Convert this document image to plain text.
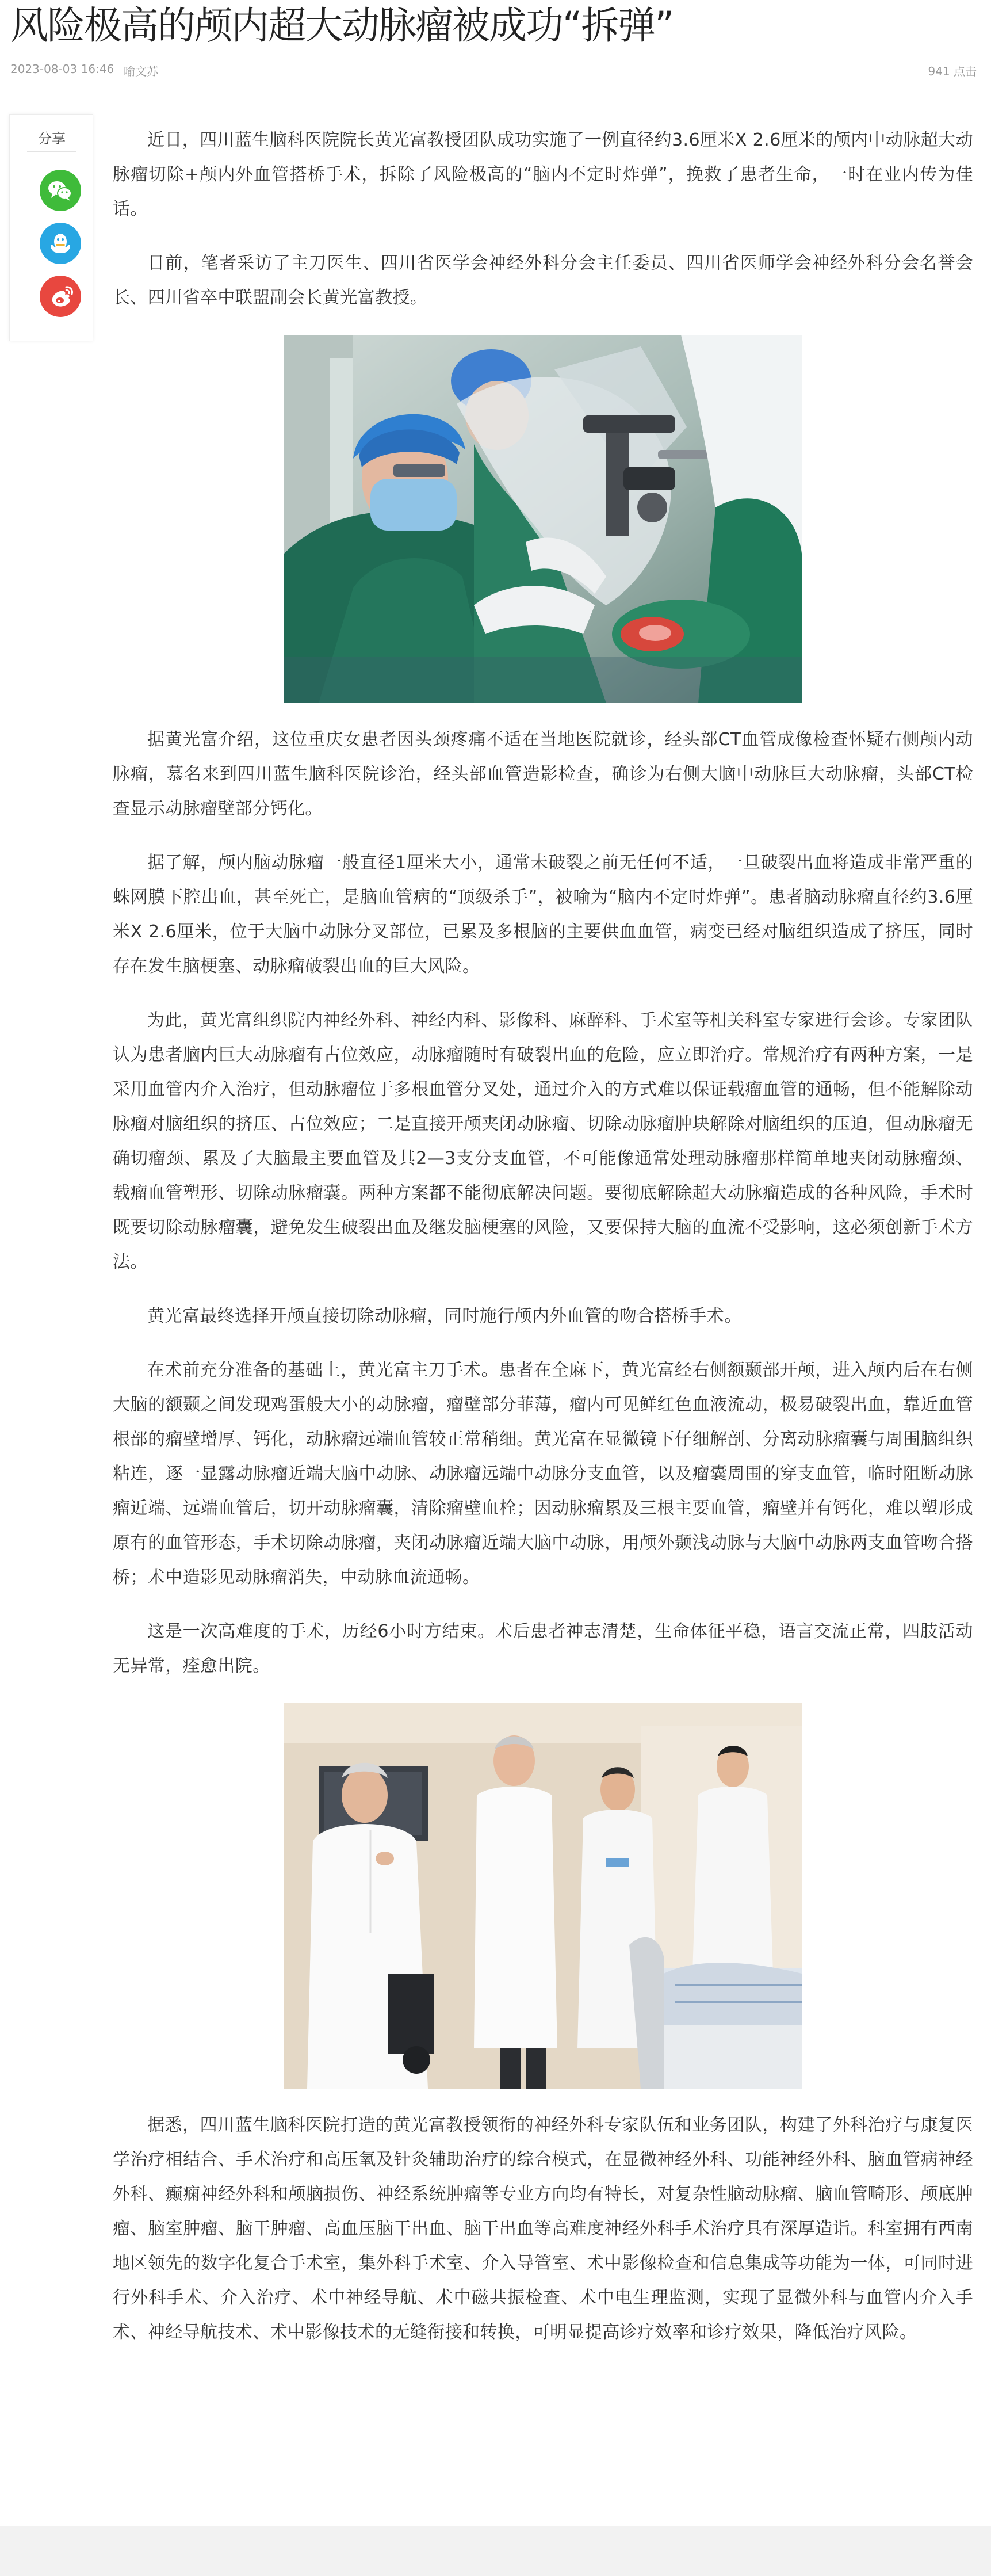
风险极高的颅内超大动脉瘤被成功“拆弹”
2023-08-03 16:46 喻文苏	941 点击
分享	近日，四川蓝生脑科医院院长黄光富教授团队成功实施了一例直径约3.6厘米X 2.6厘米的颅内中动脉超大动脉瘤切除+颅内外血管搭桥手术，拆除了风险极高的“脑内不定时炸弹”，挽救了患者生命，一时在业内传为佳话。

日前，笔者采访了主刀医生、四川省医学会神经外科分会主任委员、四川省医师学会神经外科分会名誉会长、四川省卒中联盟副会长黄光富教授。

据黄光富介绍，这位重庆女患者因头颈疼痛不适在当地医院就诊，经头部CT血管成像检查怀疑右侧颅内动脉瘤，慕名来到四川蓝生脑科医院诊治，经头部血管造影检查，确诊为右侧大脑中动脉巨大动脉瘤，头部CT检查显示动脉瘤壁部分钙化。

据了解，颅内脑动脉瘤一般直径1厘米大小，通常未破裂之前无任何不适，一旦破裂出血将造成非常严重的蛛网膜下腔出血，甚至死亡，是脑血管病的“顶级杀手”，被喻为“脑内不定时炸弹”。患者脑动脉瘤直径约3.6厘米X 2.6厘米，位于大脑中动脉分叉部位，已累及多根脑的主要供血血管，病变已经对脑组织造成了挤压，同时存在发生脑梗塞、动脉瘤破裂出血的巨大风险。

为此，黄光富组织院内神经外科、神经内科、影像科、麻醉科、手术室等相关科室专家进行会诊。专家团队认为患者脑内巨大动脉瘤有占位效应，动脉瘤随时有破裂出血的危险，应立即治疗。常规治疗有两种方案，一是采用血管内介入治疗，但动脉瘤位于多根血管分叉处，通过介入的方式难以保证载瘤血管的通畅，但不能解除动脉瘤对脑组织的挤压、占位效应；二是直接开颅夹闭动脉瘤、切除动脉瘤肿块解除对脑组织的压迫，但动脉瘤无确切瘤颈、累及了大脑最主要血管及其2—3支分支血管，不可能像通常处理动脉瘤那样简单地夹闭动脉瘤颈、载瘤血管塑形、切除动脉瘤囊。两种方案都不能彻底解决问题。要彻底解除超大动脉瘤造成的各种风险，手术时既要切除动脉瘤囊，避免发生破裂出血及继发脑梗塞的风险，又要保持大脑的血流不受影响，这必须创新手术方法。

黄光富最终选择开颅直接切除动脉瘤，同时施行颅内外血管的吻合搭桥手术。

在术前充分准备的基础上，黄光富主刀手术。患者在全麻下，黄光富经右侧额颞部开颅，进入颅内后在右侧大脑的额颞之间发现鸡蛋般大小的动脉瘤，瘤壁部分菲薄，瘤内可见鲜红色血液流动，极易破裂出血，靠近血管根部的瘤壁增厚、钙化，动脉瘤远端血管较正常稍细。黄光富在显微镜下仔细解剖、分离动脉瘤囊与周围脑组织粘连，逐一显露动脉瘤近端大脑中动脉、动脉瘤远端中动脉分支血管，以及瘤囊周围的穿支血管，临时阻断动脉瘤近端、远端血管后，切开动脉瘤囊，清除瘤壁血栓；因动脉瘤累及三根主要血管，瘤壁并有钙化，难以塑形成原有的血管形态，手术切除动脉瘤，夹闭动脉瘤近端大脑中动脉，用颅外颞浅动脉与大脑中动脉两支血管吻合搭桥；术中造影见动脉瘤消失，中动脉血流通畅。

这是一次高难度的手术，历经6小时方结束。术后患者神志清楚，生命体征平稳，语言交流正常，四肢活动无异常，痊愈出院。

据悉，四川蓝生脑科医院打造的黄光富教授领衔的神经外科专家队伍和业务团队，构建了外科治疗与康复医学治疗相结合、手术治疗和高压氧及针灸辅助治疗的综合模式，在显微神经外科、功能神经外科、脑血管病神经外科、癫痫神经外科和颅脑损伤、神经系统肿瘤等专业方向均有特长，对复杂性脑动脉瘤、脑血管畸形、颅底肿瘤、脑室肿瘤、脑干肿瘤、高血压脑干出血、脑干出血等高难度神经外科手术治疗具有深厚造诣。科室拥有西南地区领先的数字化复合手术室，集外科手术室、介入导管室、术中影像检查和信息集成等功能为一体，可同时进行外科手术、介入治疗、术中神经导航、术中磁共振检查、术中电生理监测，实现了显微外科与血管内介入手术、神经导航技术、术中影像技术的无缝衔接和转换，可明显提高诊疗效率和诊疗效果，降低治疗风险。
